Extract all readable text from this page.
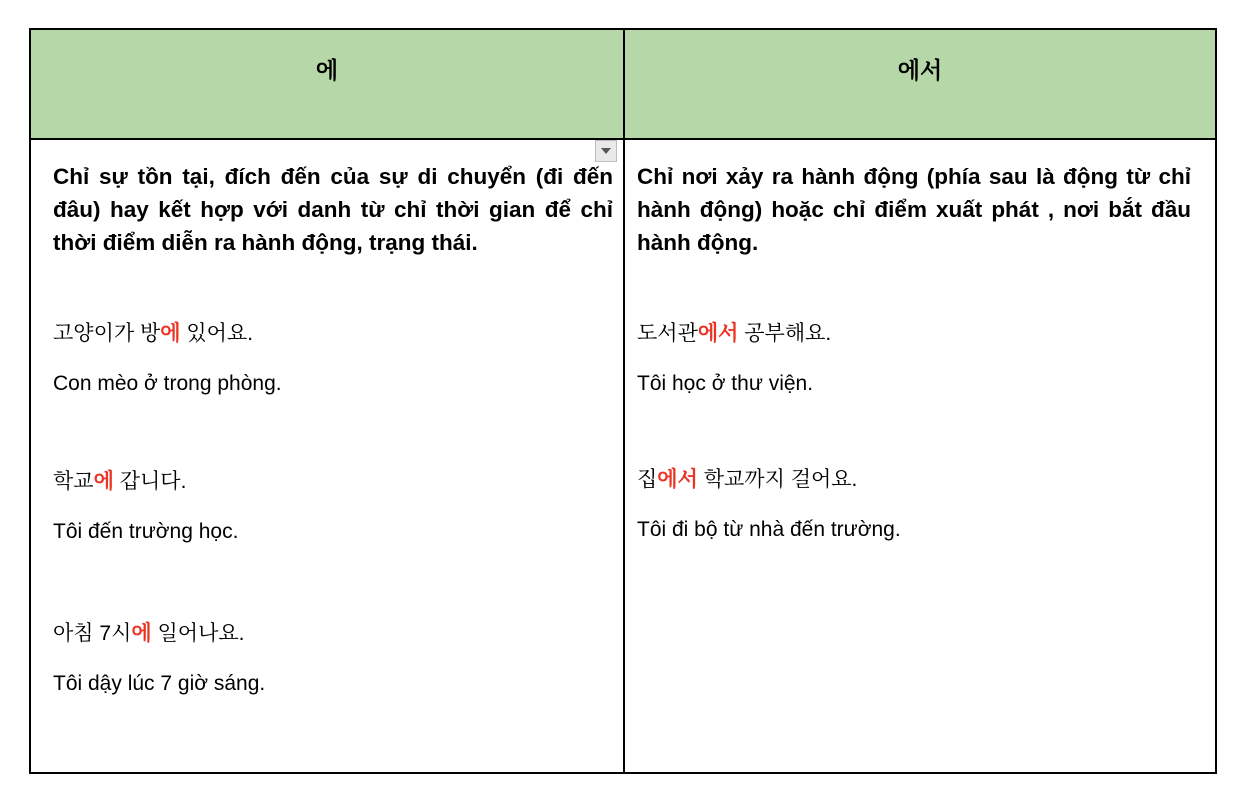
에	에서

Chỉ sự tồn tại, đích đến của sự di chuyển (đi đến đâu) hay kết hợp với danh từ chỉ thời gian để chỉ thời điểm diễn ra hành động, trạng thái.

고양이가 방에 있어요.

Con mèo ở trong phòng.

학교에 갑니다.

Tôi đến trường học.

아침 7시에 일어나요.

Tôi dậy lúc 7 giờ sáng.

Chỉ nơi xảy ra hành động (phía sau là động từ chỉ hành động) hoặc chỉ điểm xuất phát , nơi bắt đầu hành động.

도서관에서 공부해요.

Tôi học ở thư viện.

집에서 학교까지 걸어요.

Tôi đi bộ từ nhà đến trường.
